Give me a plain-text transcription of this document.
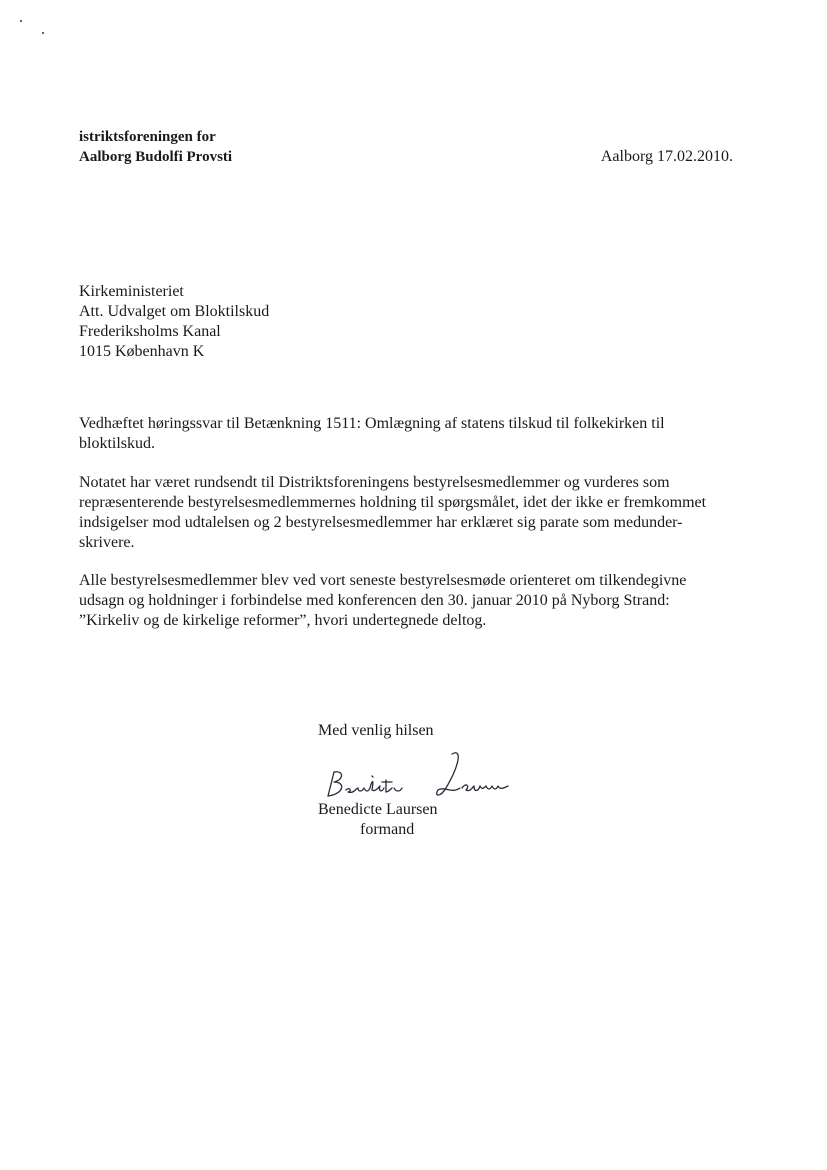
istriktsforeningen for
Aalborg Budolfi Provsti	Aalborg 17.02.2010.
Kirkeministeriet
Att. Udvalget om Bloktilskud
Frederiksholms Kanal
1015 København K

Vedhæftet høringssvar til Betænkning 1511: Omlægning af statens tilskud til folkekirken til bloktilskud.

Notatet har været rundsendt til Distriktsforeningens bestyrelsesmedlemmer og vurderes som repræsenterende bestyrelsesmedlemmernes holdning til spørgsmålet, idet der ikke er fremkommet indsigelser mod udtalelsen og 2 bestyrelsesmedlemmer har erklæret sig parate som medunder-skrivere.

Alle bestyrelsesmedlemmer blev ved vort seneste bestyrelsesmøde orienteret om tilkendegivne udsagn og holdninger i forbindelse med konferencen den 30. januar 2010 på Nyborg Strand: ”Kirkeliv og de kirkelige reformer”, hvori undertegnede deltog.

Med venlig hilsen
Benedicte Laursen
formand
